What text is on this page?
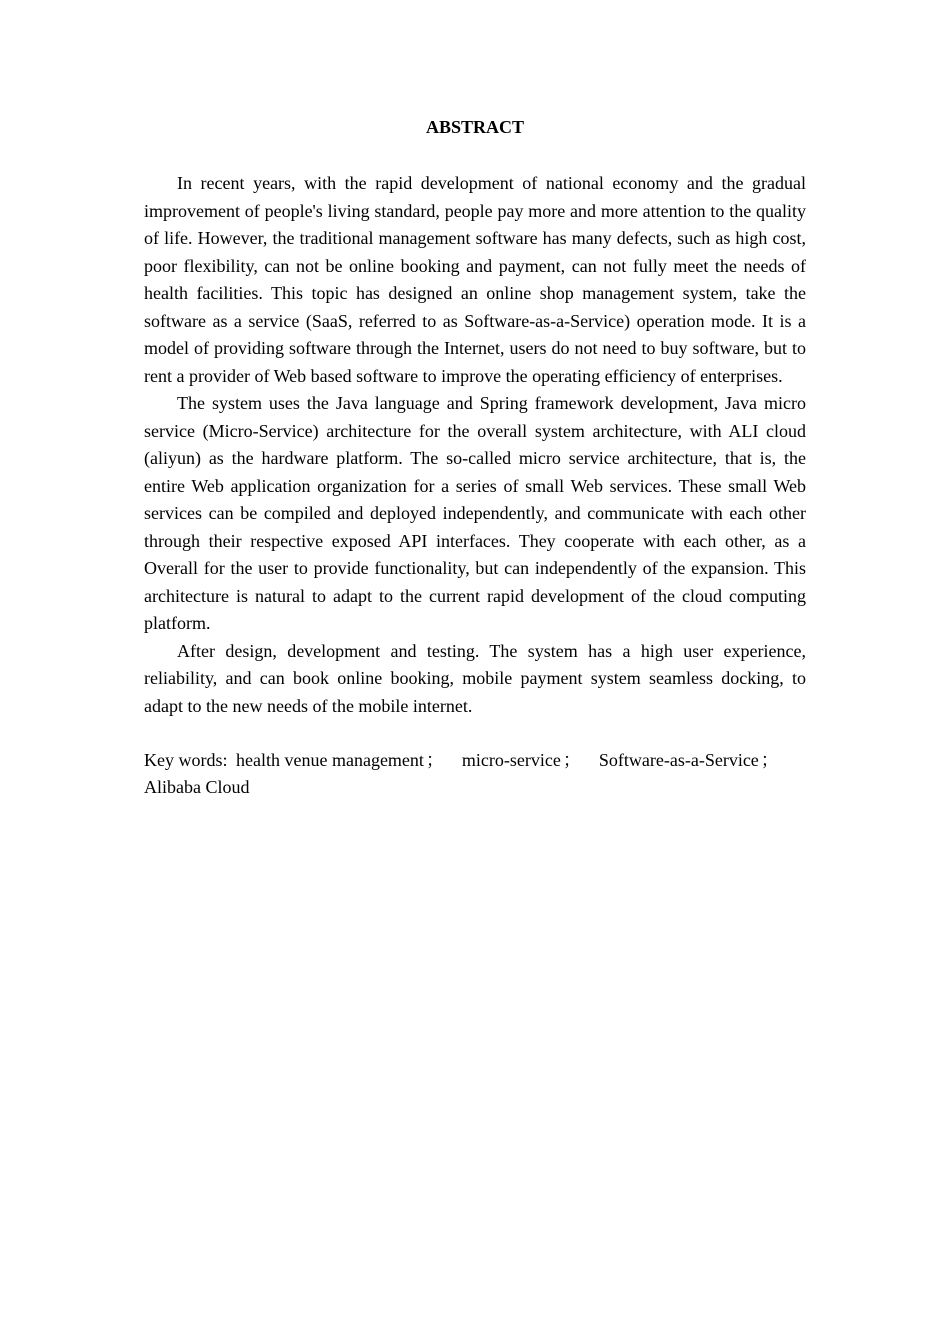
ABSTRACT

In recent years, with the rapid development of national economy and the gradual improvement of people's living standard, people pay more and more attention to the quality of life. However, the traditional management software has many defects, such as high cost, poor flexibility, can not be online booking and payment, can not fully meet the needs of health facilities. This topic has designed an online shop management system, take the software as a service (SaaS, referred to as Software-as-a-Service) operation mode. It is a model of providing software through the Internet, users do not need to buy software, but to rent a provider of Web based software to improve the operating efficiency of enterprises.

The system uses the Java language and Spring framework development, Java micro service (Micro-Service) architecture for the overall system architecture, with ALI cloud (aliyun) as the hardware platform. The so-called micro service architecture, that is, the entire Web application organization for a series of small Web services. These small Web services can be compiled and deployed independently, and communicate with each other through their respective exposed API interfaces. They cooperate with each other, as a Overall for the user to provide functionality, but can independently of the expansion. This architecture is natural to adapt to the current rapid development of the cloud computing platform.

After design, development and testing. The system has a high user experience, reliability, and can book online booking, mobile payment system seamless docking, to adapt to the new needs of the mobile internet.

Key words: health venue management ； micro-service ； Software-as-a-Service ；
Alibaba Cloud
